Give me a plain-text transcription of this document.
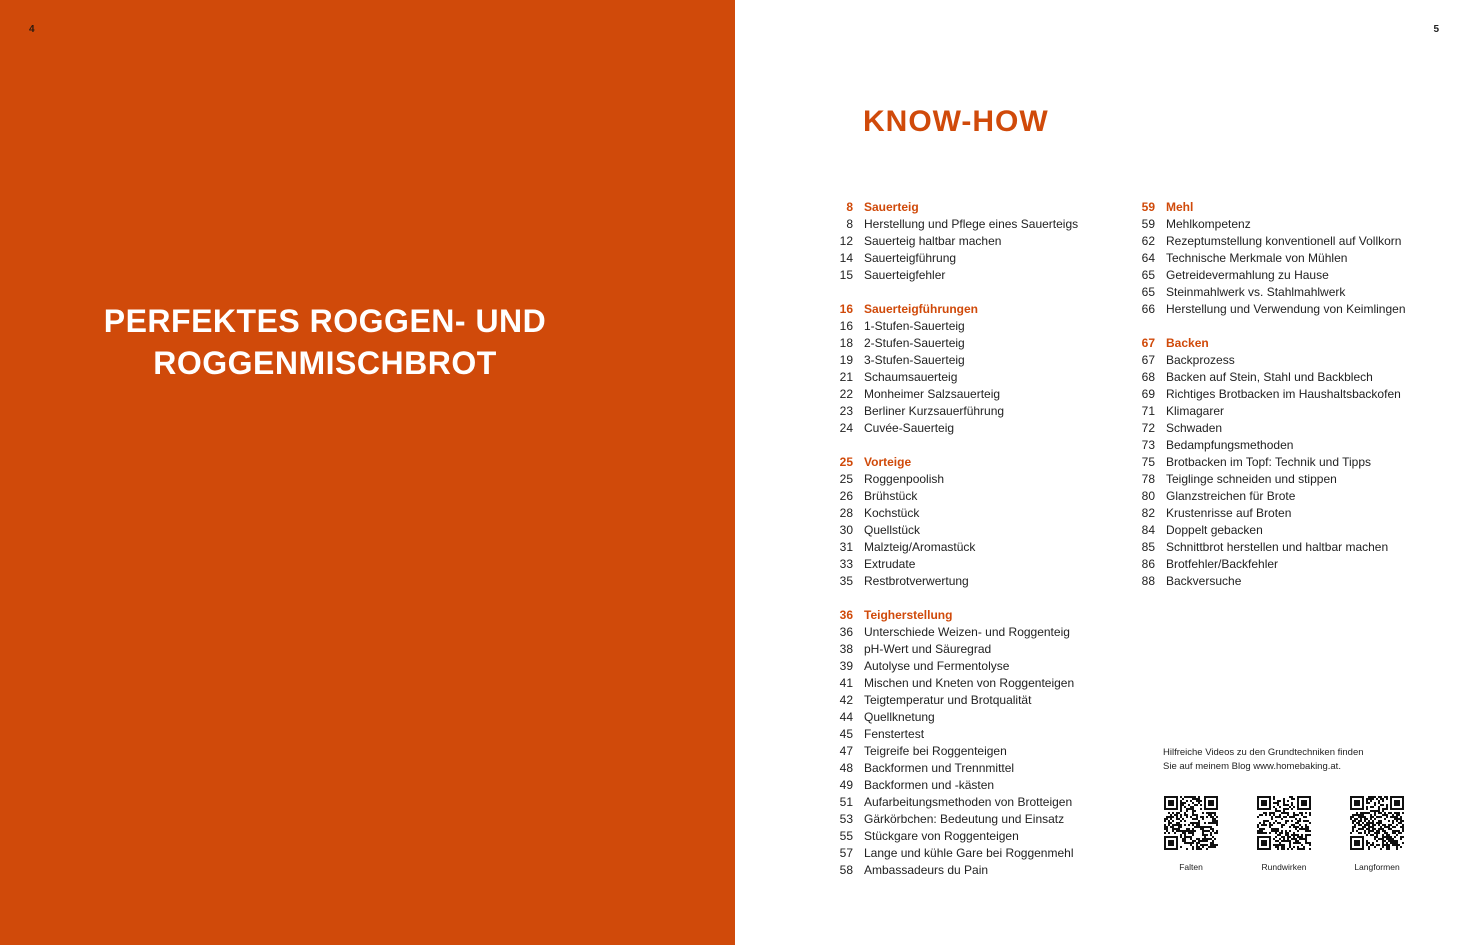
4
PERFEKTES ROGGEN- UND
ROGGENMISCHBROT
5
KNOW-HOW
8 Sauerteig
8 Herstellung und Pflege eines Sauerteigs
12 Sauerteig haltbar machen
14 Sauerteigführung
15 Sauerteigfehler
16 Sauerteigführungen
16 1-Stufen-Sauerteig
18 2-Stufen-Sauerteig
19 3-Stufen-Sauerteig
21 Schaumsauerteig
22 Monheimer Salzsauerteig
23 Berliner Kurzsauerführung
24 Cuvée-Sauerteig
25 Vorteige
25 Roggenpoolish
26 Brühstück
28 Kochstück
30 Quellstück
31 Malzteig/Aromastück
33 Extrudate
35 Restbrotverwertung
36 Teigherstellung
36 Unterschiede Weizen- und Roggenteig
38 pH-Wert und Säuregrad
39 Autolyse und Fermentolyse
41 Mischen und Kneten von Roggenteigen
42 Teigtemperatur und Brotqualität
44 Quellknetung
45 Fenstertest
47 Teigreife bei Roggenteigen
48 Backformen und Trennmittel
49 Backformen und -kästen
51 Aufarbeitungsmethoden von Brotteigen
53 Gärkörbchen: Bedeutung und Einsatz
55 Stückgare von Roggenteigen
57 Lange und kühle Gare bei Roggenmehl
58 Ambassadeurs du Pain
59 Mehl
59 Mehlkompetenz
62 Rezeptumstellung konventionell auf Vollkorn
64 Technische Merkmale von Mühlen
65 Getreidevermahlung zu Hause
65 Steinmahlwerk vs. Stahlmahlwerk
66 Herstellung und Verwendung von Keimlingen
67 Backen
67 Backprozess
68 Backen auf Stein, Stahl und Backblech
69 Richtiges Brotbacken im Haushaltsbackofen
71 Klimagarer
72 Schwaden
73 Bedampfungsmethoden
75 Brotbacken im Topf: Technik und Tipps
78 Teiglinge schneiden und stippen
80 Glanzstreichen für Brote
82 Krustenrisse auf Broten
84 Doppelt gebacken
85 Schnittbrot herstellen und haltbar machen
86 Brotfehler/Backfehler
88 Backversuche
Hilfreiche Videos zu den Grundtechniken finden
Sie auf meinem Blog www.homebaking.at.
Falten	Rundwirken	Langformen
